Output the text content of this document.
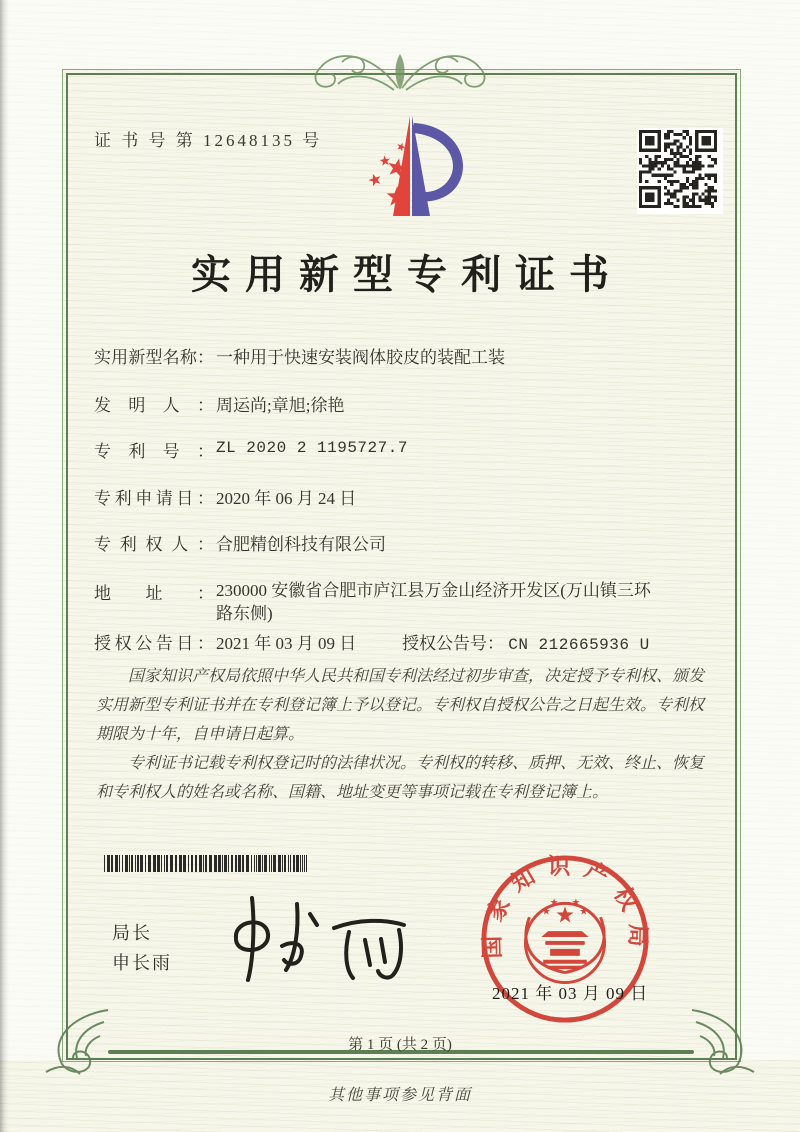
证 书 号 第 12648135 号
实用新型专利证书
实用新型名称： 一种用于快速安装阀体胶皮的装配工装
发明人： 周运尚;章旭;徐艳
专利号： ZL 2020 2 1195727.7
专利申请日： 2020 年 06 月 24 日
专利权人： 合肥精创科技有限公司
地址： 230000 安徽省合肥市庐江县万金山经济开发区(万山镇三环路东侧)
授权公告日： 2021 年 03 月 09 日	授权公告号： CN 212665936 U

国家知识产权局依照中华人民共和国专利法经过初步审查，决定授予专利权、颁发实用新型专利证书并在专利登记簿上予以登记。专利权自授权公告之日起生效。专利权期限为十年，自申请日起算。

专利证书记载专利权登记时的法律状况。专利权的转移、质押、无效、终止、恢复和专利权人的姓名或名称、国籍、地址变更等事项记载在专利登记簿上。

局长
申长雨
国家知识产权局
2021 年 03 月 09 日
第 1 页 (共 2 页)
其他事项参见背面
